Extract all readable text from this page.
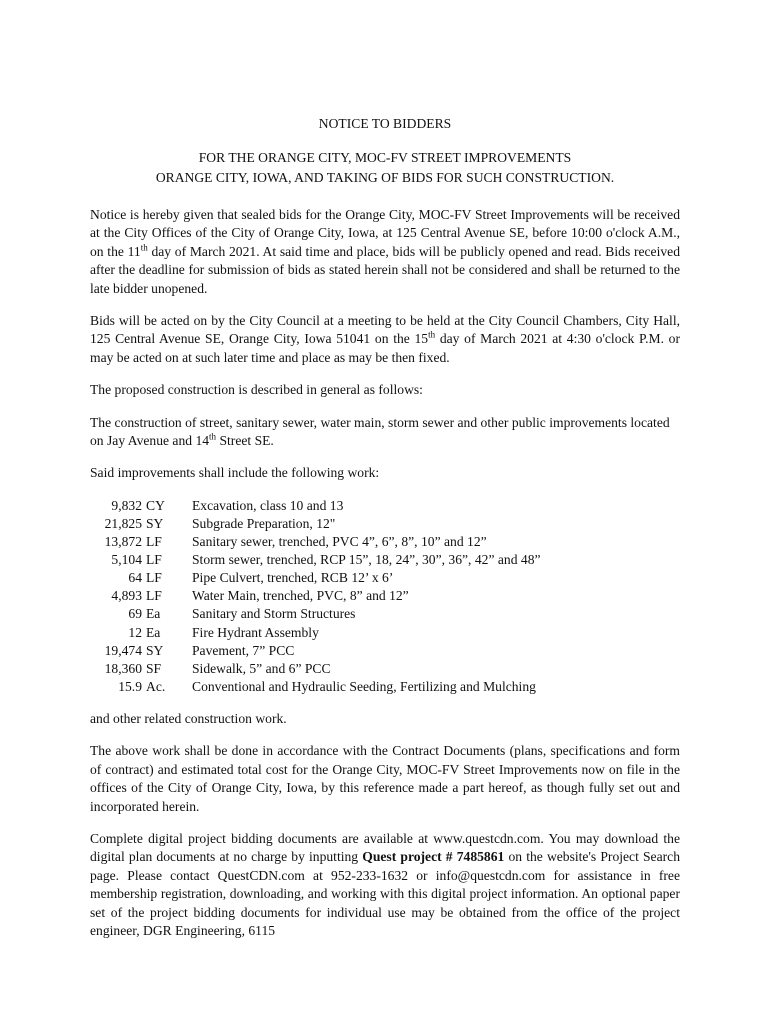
NOTICE TO BIDDERS
FOR THE ORANGE CITY, MOC-FV STREET IMPROVEMENTS
ORANGE CITY, IOWA, AND TAKING OF BIDS FOR SUCH CONSTRUCTION.

Notice is hereby given that sealed bids for the Orange City, MOC-FV Street Improvements will be received at the City Offices of the City of Orange City, Iowa, at 125 Central Avenue SE, before 10:00 o'clock A.M., on the 11th day of March 2021. At said time and place, bids will be publicly opened and read. Bids received after the deadline for submission of bids as stated herein shall not be considered and shall be returned to the late bidder unopened.

Bids will be acted on by the City Council at a meeting to be held at the City Council Chambers, City Hall, 125 Central Avenue SE, Orange City, Iowa 51041 on the 15th day of March 2021 at 4:30 o'clock P.M. or may be acted on at such later time and place as may be then fixed.

The proposed construction is described in general as follows:

The construction of street, sanitary sewer, water main, storm sewer and other public improvements located on Jay Avenue and 14th Street SE.

Said improvements shall include the following work:

9,832 CY	Excavation, class 10 and 13
21,825 SY	Subgrade Preparation, 12"
13,872 LF	Sanitary sewer, trenched, PVC 4”, 6”, 8”, 10” and 12”
5,104 LF	Storm sewer, trenched, RCP 15”, 18, 24”, 30”, 36”, 42” and 48”
64 LF	Pipe Culvert, trenched, RCB 12’ x 6’
4,893 LF	Water Main, trenched, PVC, 8” and 12”
69 Ea	Sanitary and Storm Structures
12 Ea	Fire Hydrant Assembly
19,474 SY	Pavement, 7” PCC
18,360 SF	Sidewalk, 5” and 6” PCC
15.9 Ac.	Conventional and Hydraulic Seeding, Fertilizing and Mulching

and other related construction work.

The above work shall be done in accordance with the Contract Documents (plans, specifications and form of contract) and estimated total cost for the Orange City, MOC-FV Street Improvements now on file in the offices of the City of Orange City, Iowa, by this reference made a part hereof, as though fully set out and incorporated herein.

Complete digital project bidding documents are available at www.questcdn.com. You may download the digital plan documents at no charge by inputting Quest project # 7485861 on the website's Project Search page. Please contact QuestCDN.com at 952-233-1632 or info@questcdn.com for assistance in free membership registration, downloading, and working with this digital project information. An optional paper set of the project bidding documents for individual use may be obtained from the office of the project engineer, DGR Engineering, 6115
